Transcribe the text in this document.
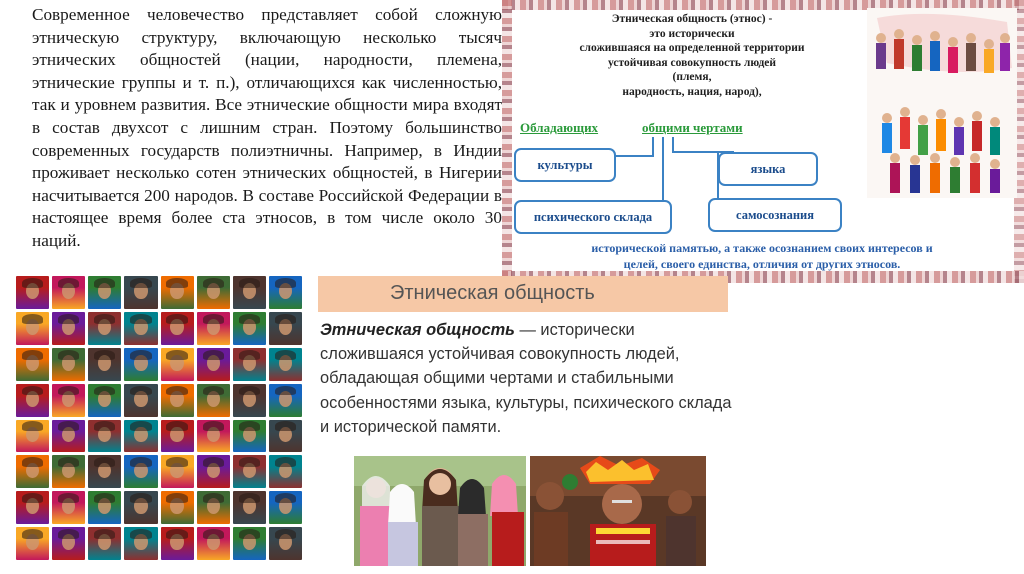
Современное человечество представляет собой сложную этническую структуру, включающую несколько тысяч этнических общностей (нации, народности, племена, этнические группы и т. п.), отличающихся как численностью, так и уровнем развития. Все этнические общности мира входят в состав двухсот с лишним стран. Поэтому большинство современных государств полиэтничны. Например, в Индии проживает несколько сотен этнических общностей, в Нигерии насчитывается 200 народов. В составе Российской Федерации в настоящее время более ста этносов, в том числе около 30 наций.
Этническая общность (этнос) -
это исторически
сложившаяся на определенной территории
устойчивая совокупность людей
(племя,
народность, нация, народ),
Обладающих	общими чертами
культуры	языка
психического склада	самосознания
исторической памятью, а также осознанием своих интересов и
целей, своего единства, отличия от других этносов.
Этническая общность
Этническая общность — исторически сложившаяся устойчивая совокупность людей, обладающая общими чертами и стабильными особенностями языка, культуры, психического склада и исторической памяти.
